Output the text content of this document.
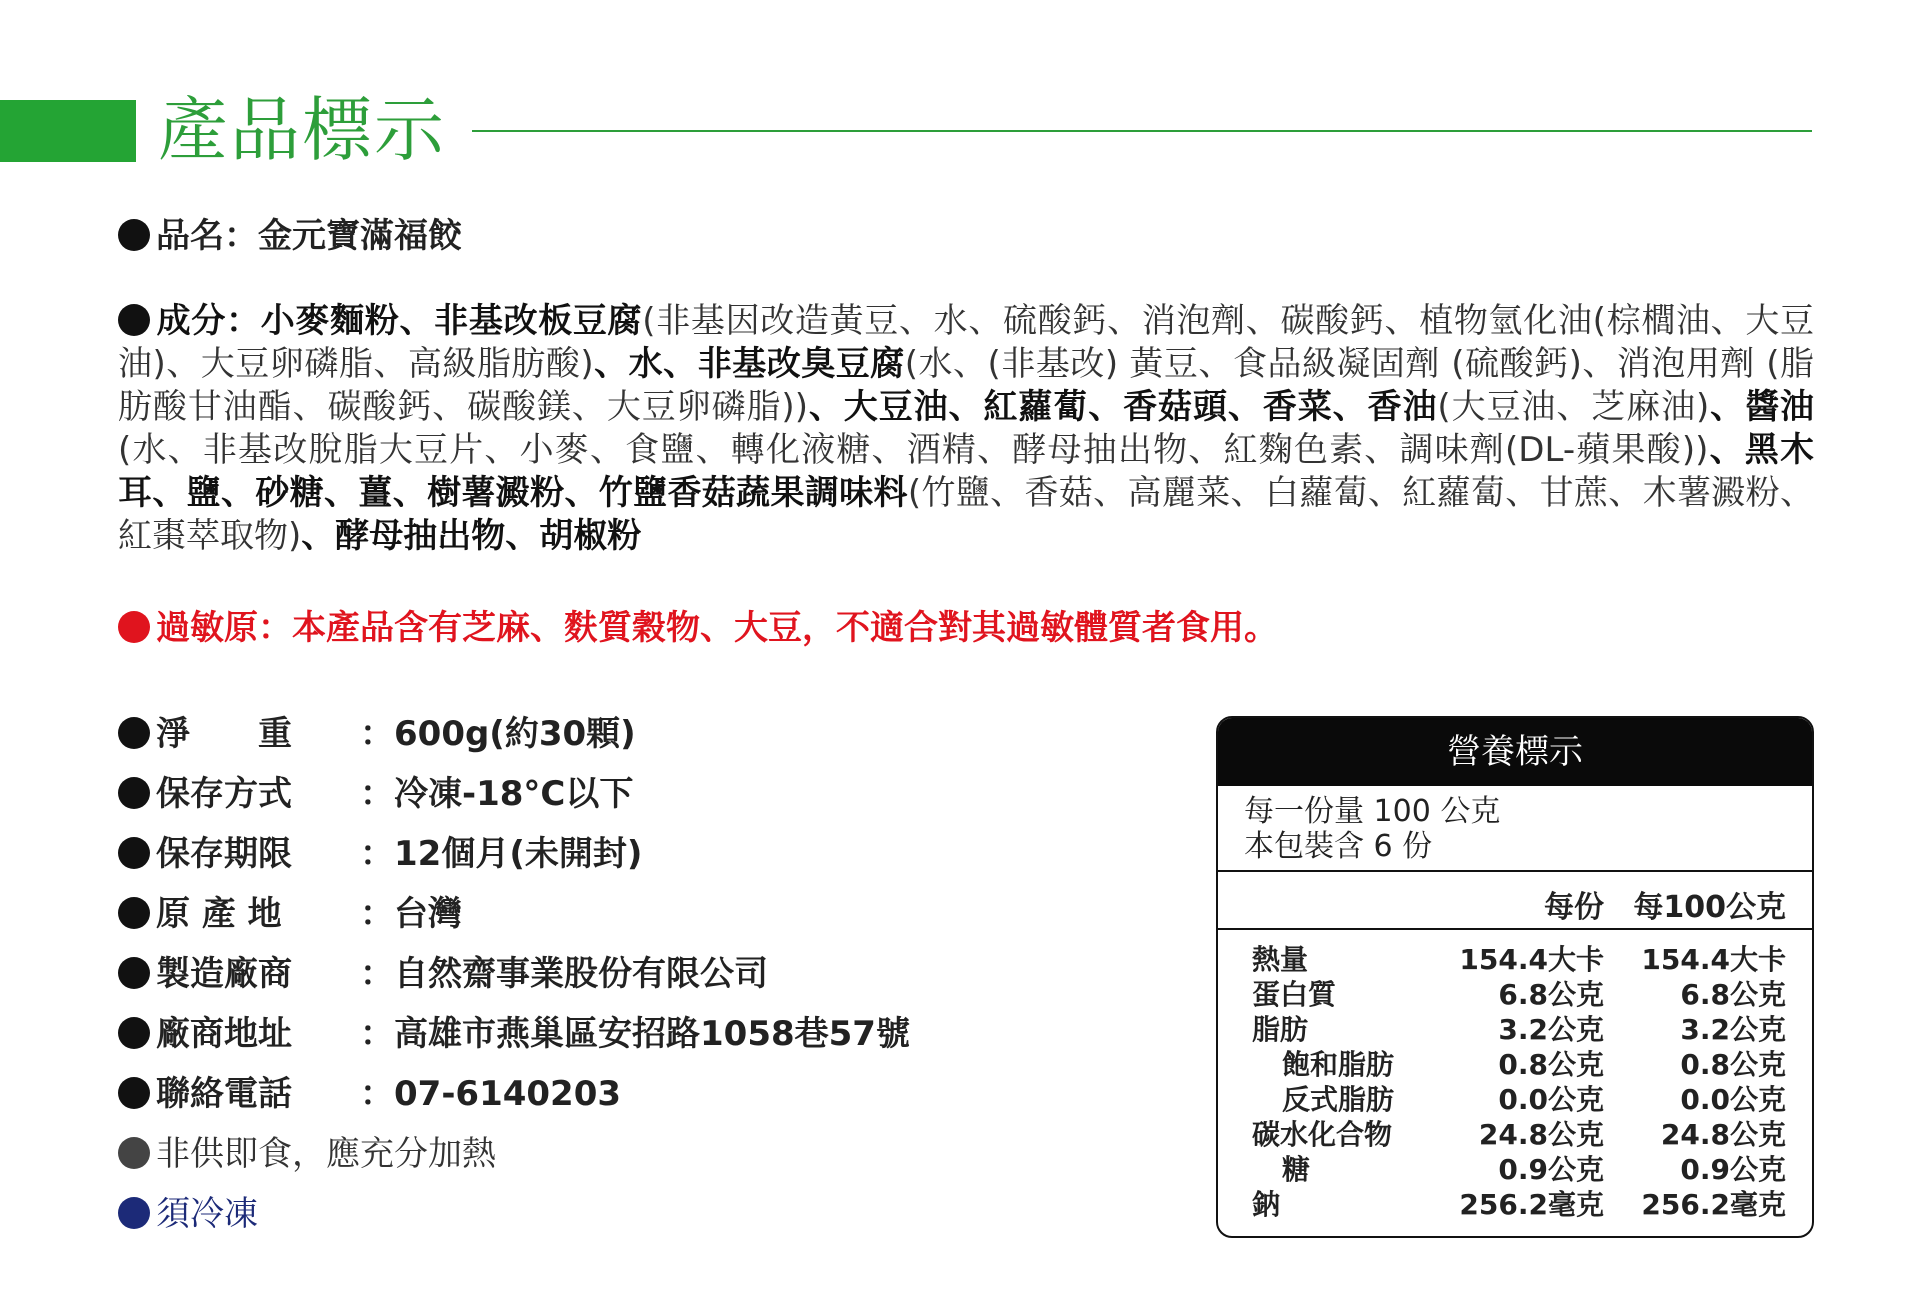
產品標示
品名：金元寶滿福餃
成分：小麥麵粉、非基改板豆腐(非基因改造黃豆、水、硫酸鈣、消泡劑、碳酸鈣、植物氫化油(棕櫚油、大豆油)、大豆卵磷脂、高級脂肪酸)、水、非基改臭豆腐(水、(非基改) 黃豆、食品級凝固劑 (硫酸鈣)、消泡用劑 (脂肪酸甘油酯、碳酸鈣、碳酸鎂、大豆卵磷脂))、大豆油、紅蘿蔔、香菇頭、香菜、香油(大豆油、芝麻油)、醬油(水、非基改脫脂大豆片、小麥、食鹽、轉化液糖、酒精、酵母抽出物、紅麴色素、調味劑(DL-蘋果酸))、黑木耳、鹽、砂糖、薑、樹薯澱粉、竹鹽香菇蔬果調味料(竹鹽、香菇、高麗菜、白蘿蔔、紅蘿蔔、甘蔗、木薯澱粉、紅棗萃取物)、酵母抽出物、胡椒粉
過敏原：本產品含有芝麻、麩質穀物、大豆，不適合對其過敏體質者食用。
淨　　重 ：600g(約30顆)
保存方式 ：冷凍-18°C以下
保存期限 ：12個月(未開封)
原 產 地 ：台灣
製造廠商 ：自然齋事業股份有限公司
廠商地址 ：高雄市燕巢區安招路1058巷57號
聯絡電話 ：07-6140203
非供即食，應充分加熱
須冷凍
營養標示
每一份量 100 公克
本包裝含 6 份
每份 每100公克
熱量	154.4大卡 154.4大卡
蛋白質	6.8公克	6.8公克
脂肪	3.2公克	3.2公克
飽和脂肪	0.8公克	0.8公克
反式脂肪	0.0公克	0.0公克
碳水化合物	24.8公克 24.8公克
糖	0.9公克	0.9公克
鈉	256.2毫克 256.2毫克
